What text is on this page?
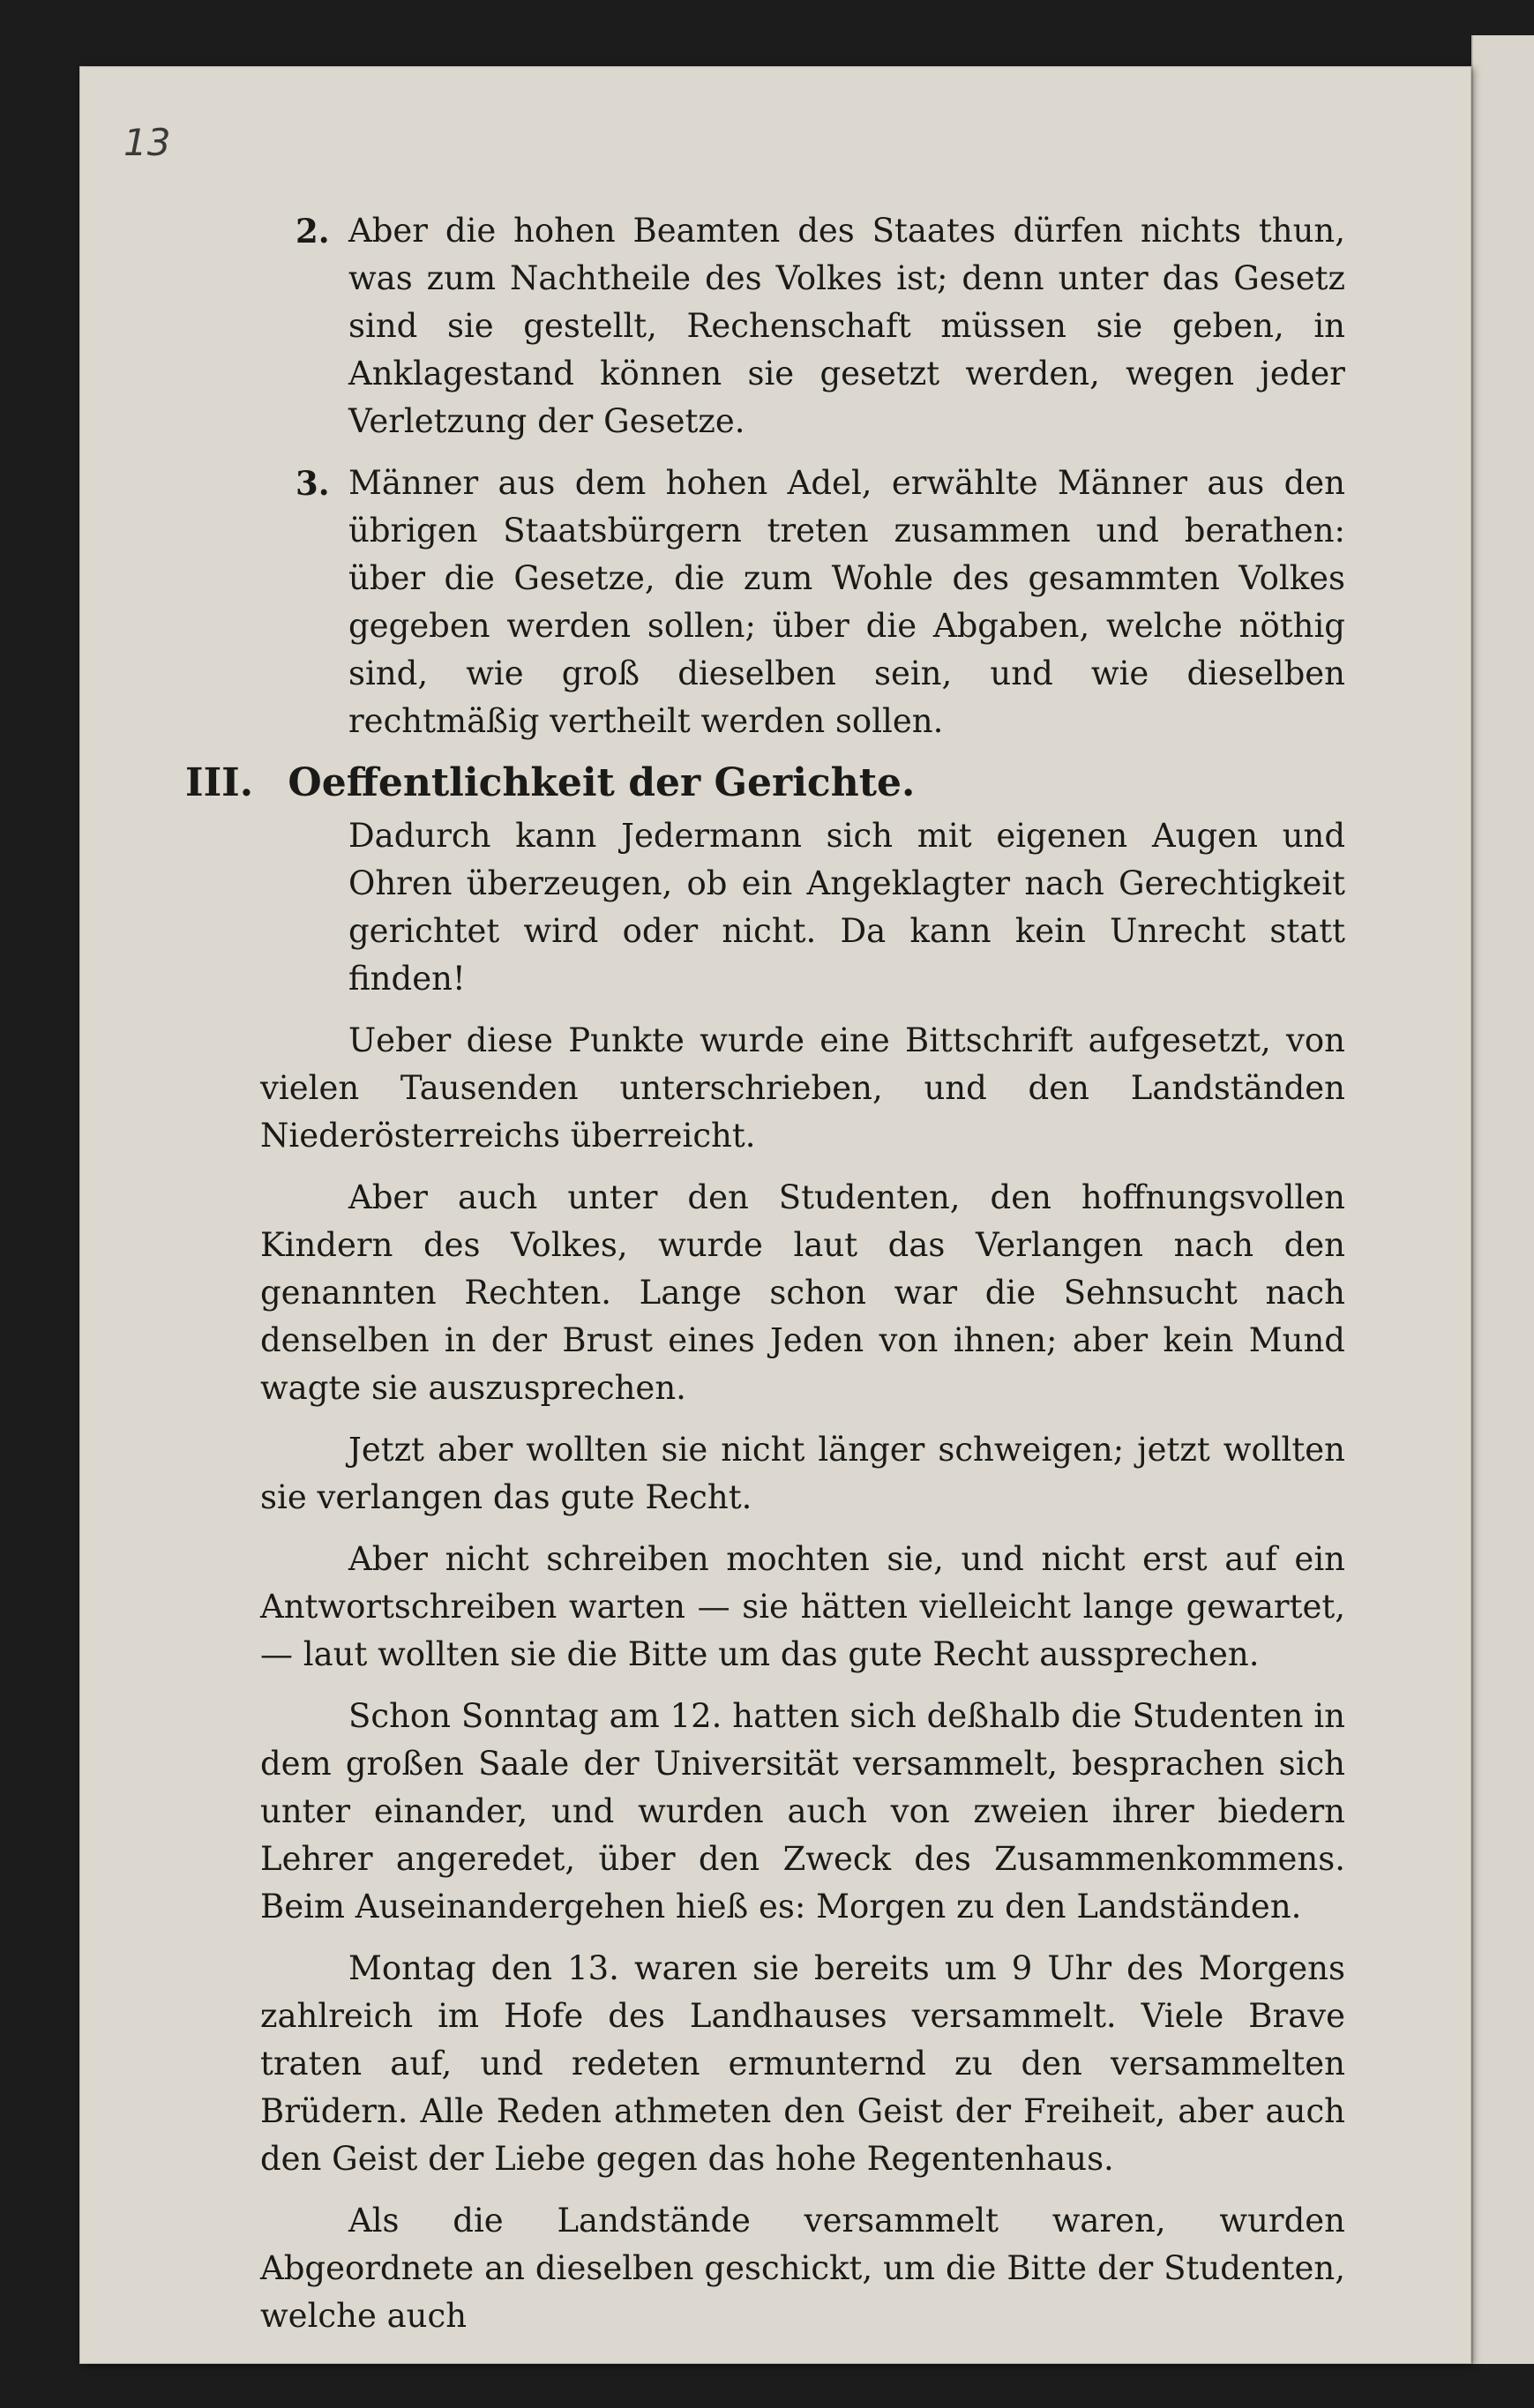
13
2. Aber die hohen Beamten des Staates dürfen nichts thun, was zum Nachtheile des Volkes ist; denn unter das Gesetz sind sie gestellt, Rechenschaft müssen sie geben, in Anklagestand können sie gesetzt werden, wegen jeder Verletzung der Gesetze.

3. Männer aus dem hohen Adel, erwählte Männer aus den übrigen Staatsbürgern treten zusammen und berathen: über die Gesetze, die zum Wohle des gesammten Volkes gegeben werden sollen; über die Abgaben, welche nöthig sind, wie groß dieselben sein, und wie dieselben rechtmäßig vertheilt werden sollen.

III. Oeffentlichkeit der Gerichte.

Dadurch kann Jedermann sich mit eigenen Augen und Ohren überzeugen, ob ein Angeklagter nach Gerechtigkeit gerichtet wird oder nicht. Da kann kein Unrecht statt finden!

Ueber diese Punkte wurde eine Bittschrift aufgesetzt, von vielen Tausenden unterschrieben, und den Landständen Niederösterreichs überreicht.

Aber auch unter den Studenten, den hoffnungsvollen Kindern des Volkes, wurde laut das Verlangen nach den genannten Rechten. Lange schon war die Sehnsucht nach denselben in der Brust eines Jeden von ihnen; aber kein Mund wagte sie auszusprechen.

Jetzt aber wollten sie nicht länger schweigen; jetzt wollten sie verlangen das gute Recht.

Aber nicht schreiben mochten sie, und nicht erst auf ein Antwortschreiben warten — sie hätten vielleicht lange gewartet, — laut wollten sie die Bitte um das gute Recht aussprechen.

Schon Sonntag am 12. hatten sich deßhalb die Studenten in dem großen Saale der Universität versammelt, besprachen sich unter einander, und wurden auch von zweien ihrer biedern Lehrer angeredet, über den Zweck des Zusammenkommens. Beim Auseinandergehen hieß es: Morgen zu den Landständen.

Montag den 13. waren sie bereits um 9 Uhr des Morgens zahlreich im Hofe des Landhauses versammelt. Viele Brave traten auf, und redeten ermunternd zu den versammelten Brüdern. Alle Reden athmeten den Geist der Freiheit, aber auch den Geist der Liebe gegen das hohe Regentenhaus.

Als die Landstände versammelt waren, wurden Abgeordnete an dieselben geschickt, um die Bitte der Studenten, welche auch
